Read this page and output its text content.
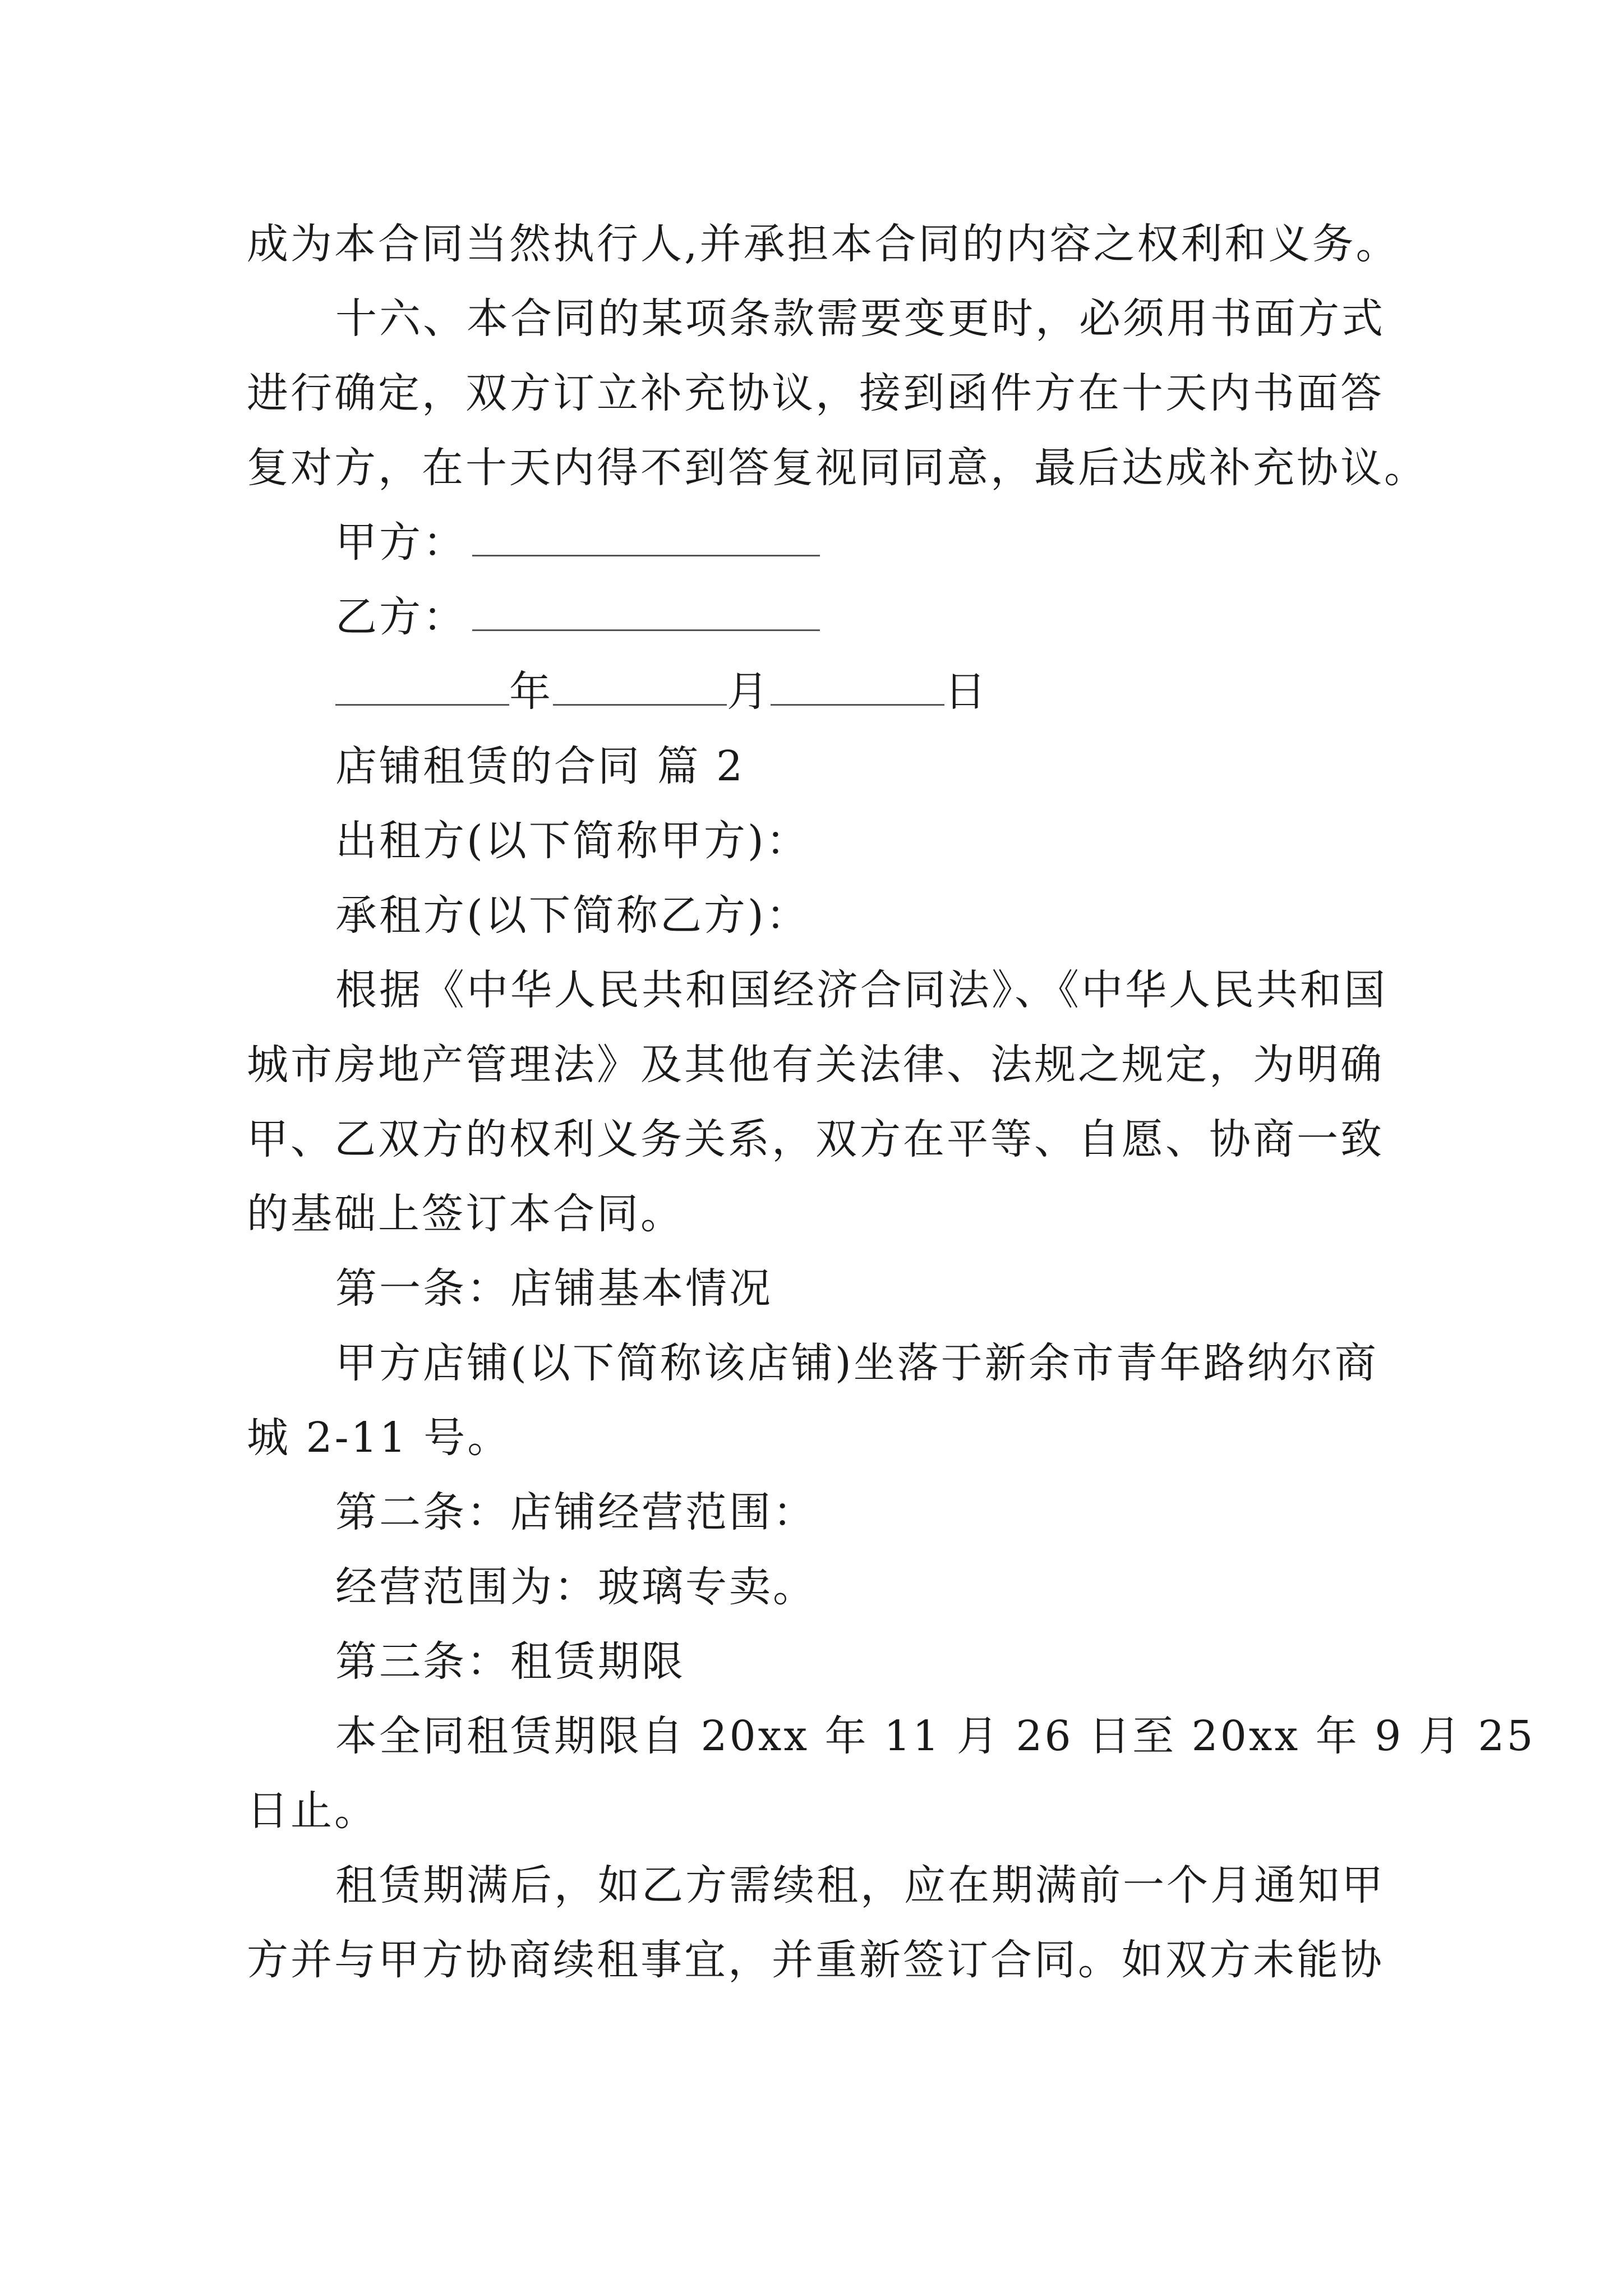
成为本合同当然执行人,并承担本合同的内容之权利和义务。
十六、本合同的某项条款需要变更时，必须用书面方式
进行确定，双方订立补充协议，接到函件方在十天内书面答
复对方，在十天内得不到答复视同同意，最后达成补充协议。
甲方：
乙方：
年	月	日
店铺租赁的合同 篇 2
出租方(以下简称甲方)：
承租方(以下简称乙方)：
根据《中华人民共和国经济合同法》、《中华人民共和国
城市房地产管理法》及其他有关法律、法规之规定，为明确
甲、乙双方的权利义务关系，双方在平等、自愿、协商一致
的基础上签订本合同。
第一条：店铺基本情况
甲方店铺(以下简称该店铺)坐落于新余市青年路纳尔商
城 2-11 号。
第二条：店铺经营范围：
经营范围为：玻璃专卖。
第三条：租赁期限
本全同租赁期限自 20xx 年 11 月 26 日至 20xx 年 9 月 25
日止。
租赁期满后，如乙方需续租，应在期满前一个月通知甲
方并与甲方协商续租事宜，并重新签订合同。如双方未能协
